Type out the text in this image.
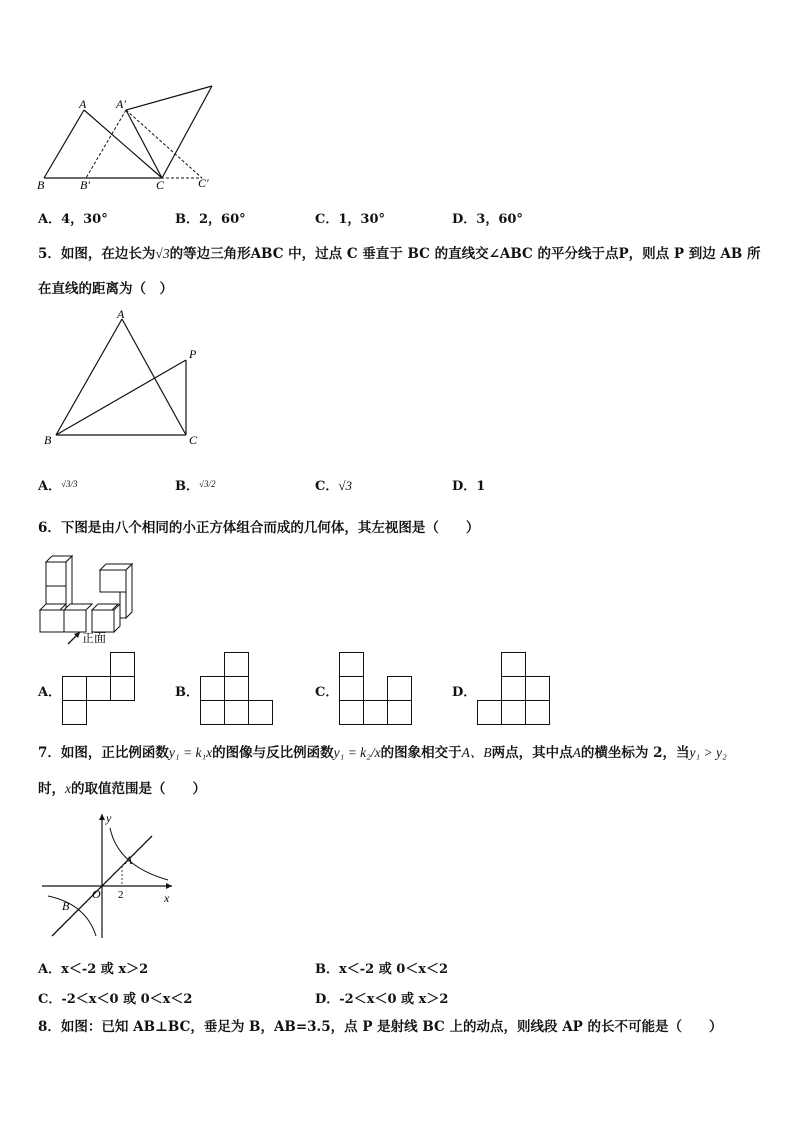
A A′
B	B′	C	C′
A．4，30°	B．2，60°	C．1，30°	D．3，60°
5．如图，在边长为√3的等边三角形ABC 中，过点 C 垂直于 BC 的直线交∠ABC 的平分线于点P，则点 P 到边 AB 所
在直线的距离为（　）
A
B	C
P
A．$^{√3/3}$	B．$^{√3/2}$	C．√3	D．1
6．下图是由八个相同的小正方体组合而成的几何体，其左视图是（　　）
正面
A．	B．	C．	D．
7．如图，正比例函数y₁ = k₁x的图像与反比例函数y₁ = k₂/x的图象相交于A、B两点，其中点A的横坐标为 2，当y₁ > y₂
时，x的取值范围是（　　）
y
x
O
A
B
2
A．x＜-2 或 x＞2	B．x＜-2 或 0＜x＜2
C．-2＜x＜0 或 0＜x＜2	D．-2＜x＜0 或 x＞2
8．如图：已知 AB⊥BC，垂足为 B，AB=3.5，点 P 是射线 BC 上的动点，则线段 AP 的长不可能是（　　）
